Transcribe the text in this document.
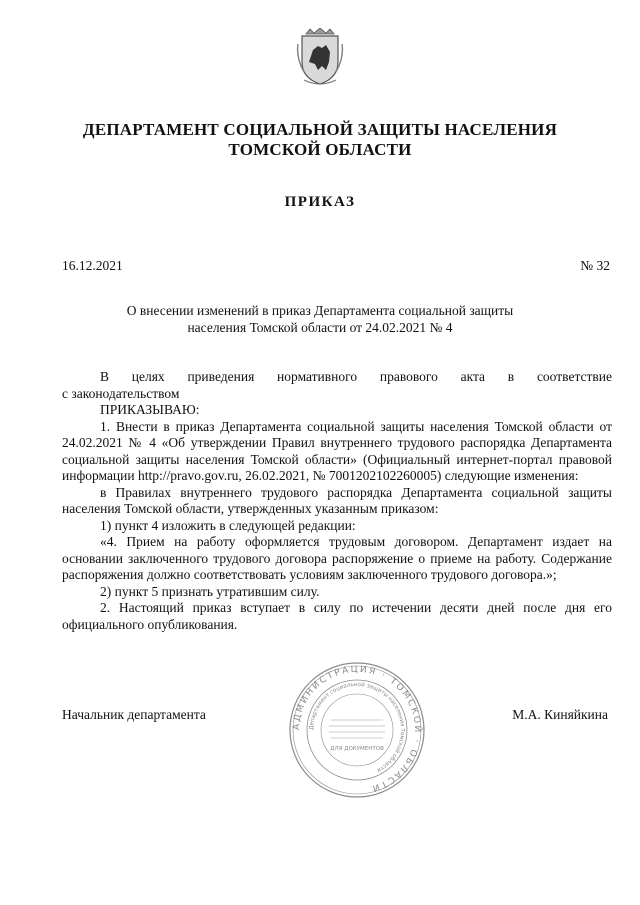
ДЕПАРТАМЕНТ СОЦИАЛЬНОЙ ЗАЩИТЫ НАСЕЛЕНИЯ
ТОМСКОЙ ОБЛАСТИ
ПРИКАЗ
16.12.2021	№ 32
О внесении изменений в приказ Департамента социальной защиты
населения Томской области от 24.02.2021 № 4

В целях приведения нормативного правового акта в соответствие

с законодательством

ПРИКАЗЫВАЮ:

1. Внести в приказ Департамента социальной защиты населения Томской области от 24.02.2021 № 4 «Об утверждении Правил внутреннего трудового распорядка Департамента социальной защиты населения Томской области» (Официальный интернет-портал правовой информации http://pravo.gov.ru, 26.02.2021, № 7001202102260005) следующие изменения:

в Правилах внутреннего трудового распорядка Департамента социальной защиты населения Томской области, утвержденных указанным приказом:

1) пункт 4 изложить в следующей редакции:

«4. Прием на работу оформляется трудовым договором. Департамент издает на основании заключенного трудового договора распоряжение о приеме на работу. Содержание распоряжения должно соответствовать условиям заключенного трудового договора.»;

2) пункт 5 признать утратившим силу.

2. Настоящий приказ вступает в силу по истечении десяти дней после дня его официального опубликования.

Начальник департамента	М.А. Киняйкина
АДМИНИСТРАЦИЯ · ТОМСКОЙ · ОБЛАСТИ
Департамент социальной защиты населения Томской области
ДЛЯ ДОКУМЕНТОВ
